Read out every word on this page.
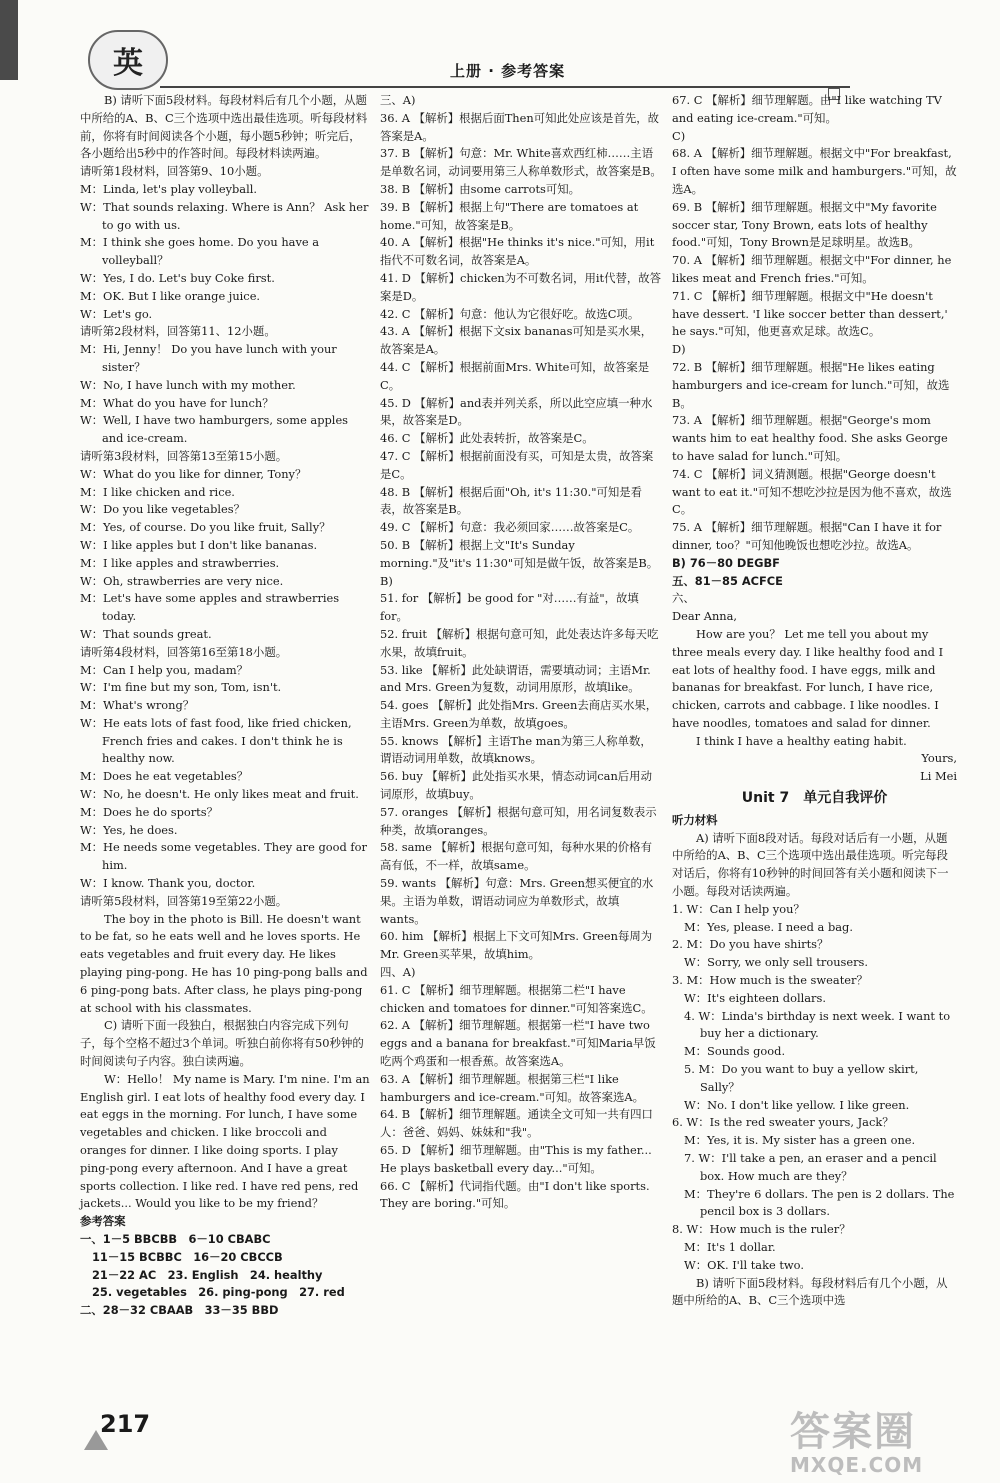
英	上册 · 参考答案

B) 请听下面5段材料。每段材料后有几个小题，从题中所给的A、B、C三个选项中选出最佳选项。听每段材料前，你将有时间阅读各个小题，每小题5秒钟；听完后，各小题给出5秒中的作答时间。每段材料读两遍。

请听第1段材料，回答第9、10小题。

M：Linda, let's play volleyball.

W：That sounds relaxing. Where is Ann？ Ask her to go with us.

M：I think she goes home. Do you have a volleyball？

W：Yes, I do. Let's buy Coke first.

M：OK. But I like orange juice.

W：Let's go.

请听第2段材料，回答第11、12小题。

M：Hi, Jenny！ Do you have lunch with your sister？

W：No, I have lunch with my mother.

M：What do you have for lunch？

W：Well, I have two hamburgers, some apples and ice-cream.

请听第3段材料，回答第13至第15小题。

W：What do you like for dinner, Tony？

M：I like chicken and rice.

W：Do you like vegetables？

M：Yes, of course. Do you like fruit, Sally？

W：I like apples but I don't like bananas.

M：I like apples and strawberries.

W：Oh, strawberries are very nice.

M：Let's have some apples and strawberries today.

W：That sounds great.

请听第4段材料，回答第16至第18小题。

M：Can I help you, madam？

W：I'm fine but my son, Tom, isn't.

M：What's wrong？

W：He eats lots of fast food, like fried chicken, French fries and cakes. I don't think he is healthy now.

M：Does he eat vegetables？

W：No, he doesn't. He only likes meat and fruit.

M：Does he do sports？

W：Yes, he does.

M：He needs some vegetables. They are good for him.

W：I know. Thank you, doctor.

请听第5段材料，回答第19至第22小题。

The boy in the photo is Bill. He doesn't want to be fat, so he eats well and he loves sports. He eats vegetables and fruit every day. He likes playing ping-pong. He has 10 ping-pong balls and 6 ping-pong bats. After class, he plays ping-pong at school with his classmates.

C) 请听下面一段独白，根据独白内容完成下列句子，每个空格不超过3个单词。听独白前你将有50秒钟的时间阅读句子内容。独白读两遍。

W：Hello！ My name is Mary. I'm nine. I'm an English girl. I eat lots of healthy food every day. I eat eggs in the morning. For lunch, I have some vegetables and chicken. I like broccoli and oranges for dinner. I like doing sports. I play ping-pong every afternoon. And I have a great sports collection. I like red. I have red pens, red jackets... Would you like to be my friend？

参考答案

一、1－5 BBCBB　6－10 CBABC

11－15 BCBBC　16－20 CBCCB

21－22 AC　23. English　24. healthy

25. vegetables　26. ping-pong　27. red

二、28－32 CBAAB　33－35 BBD

三、A)

36. A 【解析】根据后面Then可知此处应该是首先，故答案是A。

37. B 【解析】句意：Mr. White喜欢西红柿……主语是单数名词，动词要用第三人称单数形式，故答案是B。

38. B 【解析】由some carrots可知。

39. B 【解析】根据上句"There are tomatoes at home."可知，故答案是B。

40. A 【解析】根据"He thinks it's nice."可知，用it指代不可数名词，故答案是A。

41. D 【解析】chicken为不可数名词，用it代替，故答案是D。

42. C 【解析】句意：他认为它很好吃。故选C项。

43. A 【解析】根据下文six bananas可知是买水果，故答案是A。

44. C 【解析】根据前面Mrs. White可知，故答案是C。

45. D 【解析】and表并列关系，所以此空应填一种水果，故答案是D。

46. C 【解析】此处表转折，故答案是C。

47. C 【解析】根据前面没有买，可知是太贵，故答案是C。

48. B 【解析】根据后面"Oh, it's 11:30."可知是看表，故答案是B。

49. C 【解析】句意：我必须回家……故答案是C。

50. B 【解析】根据上文"It's Sunday morning."及"it's 11:30"可知是做午饭，故答案是B。

B)

51. for 【解析】be good for "对……有益"，故填for。

52. fruit 【解析】根据句意可知，此处表达许多每天吃水果，故填fruit。

53. like 【解析】此处缺谓语，需要填动词；主语Mr. and Mrs. Green为复数，动词用原形，故填like。

54. goes 【解析】此处指Mrs. Green去商店买水果，主语Mrs. Green为单数，故填goes。

55. knows 【解析】主语The man为第三人称单数，谓语动词用单数，故填knows。

56. buy 【解析】此处指买水果，情态动词can后用动词原形，故填buy。

57. oranges 【解析】根据句意可知，用名词复数表示种类，故填oranges。

58. same 【解析】根据句意可知，每种水果的价格有高有低，不一样，故填same。

59. wants 【解析】句意：Mrs. Green想买便宜的水果。主语为单数，谓语动词应为单数形式，故填wants。

60. him 【解析】根据上下文可知Mrs. Green每周为Mr. Green买苹果，故填him。

四、A)

61. C 【解析】细节理解题。根据第二栏"I have chicken and tomatoes for dinner."可知答案选C。

62. A 【解析】细节理解题。根据第一栏"I have two eggs and a banana for breakfast."可知Maria早饭吃两个鸡蛋和一根香蕉。故答案选A。

63. A 【解析】细节理解题。根据第三栏"I like hamburgers and ice-cream."可知。故答案选A。

64. B 【解析】细节理解题。通读全文可知一共有四口人：爸爸、妈妈、妹妹和"我"。

65. D 【解析】细节理解题。由"This is my father... He plays basketball every day..."可知。

66. C 【解析】代词指代题。由"I don't like sports. They are boring."可知。

67. C 【解析】细节理解题。由"I like watching TV and eating ice-cream."可知。

C)

68. A 【解析】细节理解题。根据文中"For breakfast, I often have some milk and hamburgers."可知，故选A。

69. B 【解析】细节理解题。根据文中"My favorite soccer star, Tony Brown, eats lots of healthy food."可知，Tony Brown是足球明星。故选B。

70. A 【解析】细节理解题。根据文中"For dinner, he likes meat and French fries."可知。

71. C 【解析】细节理解题。根据文中"He doesn't have dessert. 'I like soccer better than dessert,' he says."可知，他更喜欢足球。故选C。

D)

72. B 【解析】细节理解题。根据"He likes eating hamburgers and ice-cream for lunch."可知，故选B。

73. A 【解析】细节理解题。根据"George's mom wants him to eat healthy food. She asks George to have salad for lunch."可知。

74. C 【解析】词义猜测题。根据"George doesn't want to eat it."可知不想吃沙拉是因为他不喜欢，故选C。

75. A 【解析】细节理解题。根据"Can I have it for dinner, too？"可知他晚饭也想吃沙拉。故选A。

B) 76－80 DEGBF

五、81－85 ACFCE

六、

Dear Anna,

How are you？ Let me tell you about my three meals every day. I like healthy food and I eat lots of healthy food. I have eggs, milk and bananas for breakfast. For lunch, I have rice, chicken, carrots and cabbage. I like noodles. I have noodles, tomatoes and salad for dinner.

I think I have a healthy eating habit.

Yours,

Li Mei

Unit 7　单元自我评价

听力材料

A) 请听下面8段对话。每段对话后有一小题，从题中所给的A、B、C三个选项中选出最佳选项。听完每段对话后，你将有10秒钟的时间回答有关小题和阅读下一小题。每段对话读两遍。

1. W：Can I help you？

M：Yes, please. I need a bag.

2. M：Do you have shirts？

W：Sorry, we only sell trousers.

3. M：How much is the sweater？

W：It's eighteen dollars.

4. W：Linda's birthday is next week. I want to buy her a dictionary.

M：Sounds good.

5. M：Do you want to buy a yellow skirt, Sally？

W：No. I don't like yellow. I like green.

6. W：Is the red sweater yours, Jack？

M：Yes, it is. My sister has a green one.

7. W：I'll take a pen, an eraser and a pencil box. How much are they？

M：They're 6 dollars. The pen is 2 dollars. The pencil box is 3 dollars.

8. W：How much is the ruler？

M：It's 1 dollar.

W：OK. I'll take two.

B) 请听下面5段材料。每段材料后有几个小题，从题中所给的A、B、C三个选项中选

217	答案圈
MXQE.COM
